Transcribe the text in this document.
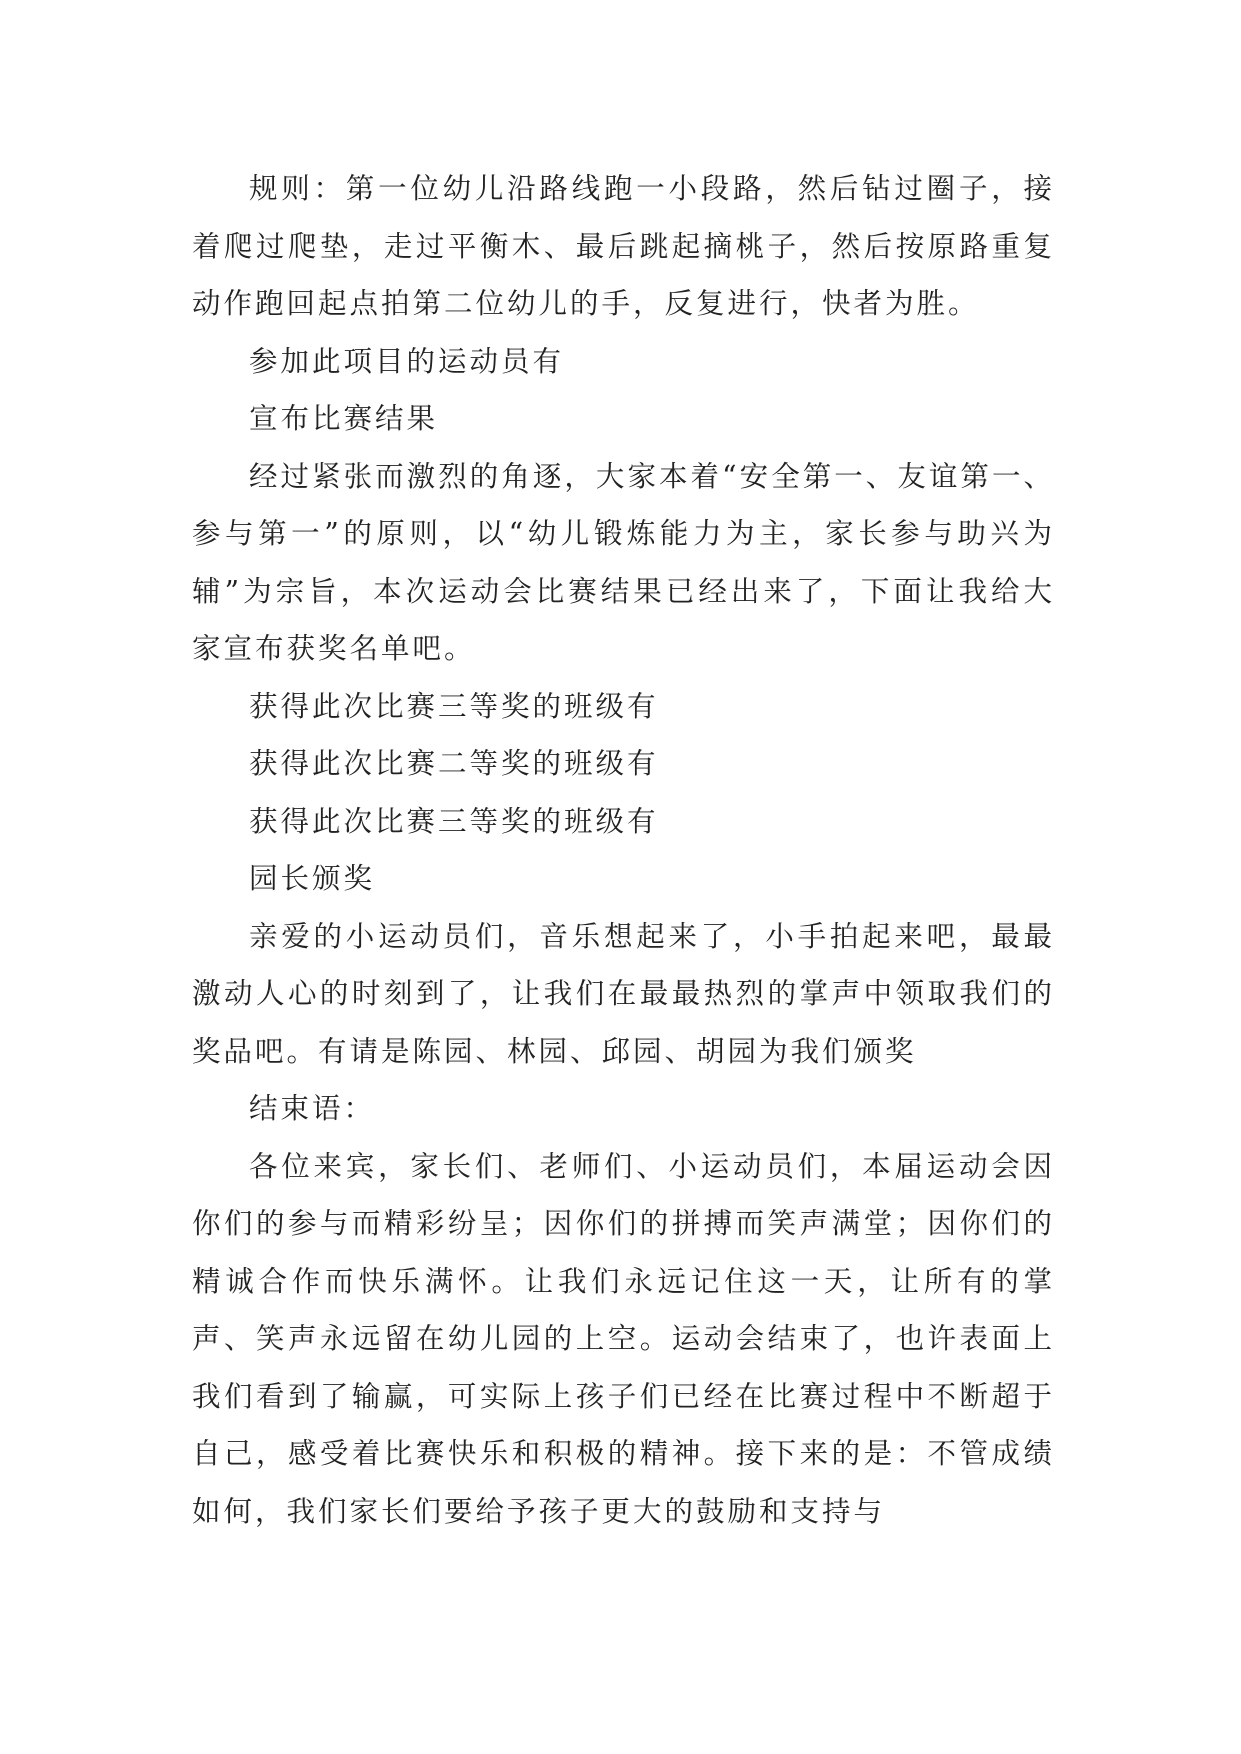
规则：第一位幼儿沿路线跑一小段路，然后钻过圈子，接着爬过爬垫，走过平衡木、最后跳起摘桃子，然后按原路重复动作跑回起点拍第二位幼儿的手，反复进行，快者为胜。

参加此项目的运动员有

宣布比赛结果

经过紧张而激烈的角逐，大家本着“安全第一、友谊第一、参与第一”的原则，以“幼儿锻炼能力为主，家长参与助兴为辅”为宗旨，本次运动会比赛结果已经出来了，下面让我给大家宣布获奖名单吧。

获得此次比赛三等奖的班级有

获得此次比赛二等奖的班级有

获得此次比赛三等奖的班级有

园长颁奖

亲爱的小运动员们，音乐想起来了，小手拍起来吧，最最激动人心的时刻到了，让我们在最最热烈的掌声中领取我们的奖品吧。有请是陈园、林园、邱园、胡园为我们颁奖

结束语：

各位来宾，家长们、老师们、小运动员们，本届运动会因你们的参与而精彩纷呈；因你们的拼搏而笑声满堂；因你们的精诚合作而快乐满怀。让我们永远记住这一天，让所有的掌声、笑声永远留在幼儿园的上空。运动会结束了，也许表面上我们看到了输赢，可实际上孩子们已经在比赛过程中不断超于自己，感受着比赛快乐和积极的精神。接下来的是：不管成绩如何，我们家长们要给予孩子更大的鼓励和支持与
